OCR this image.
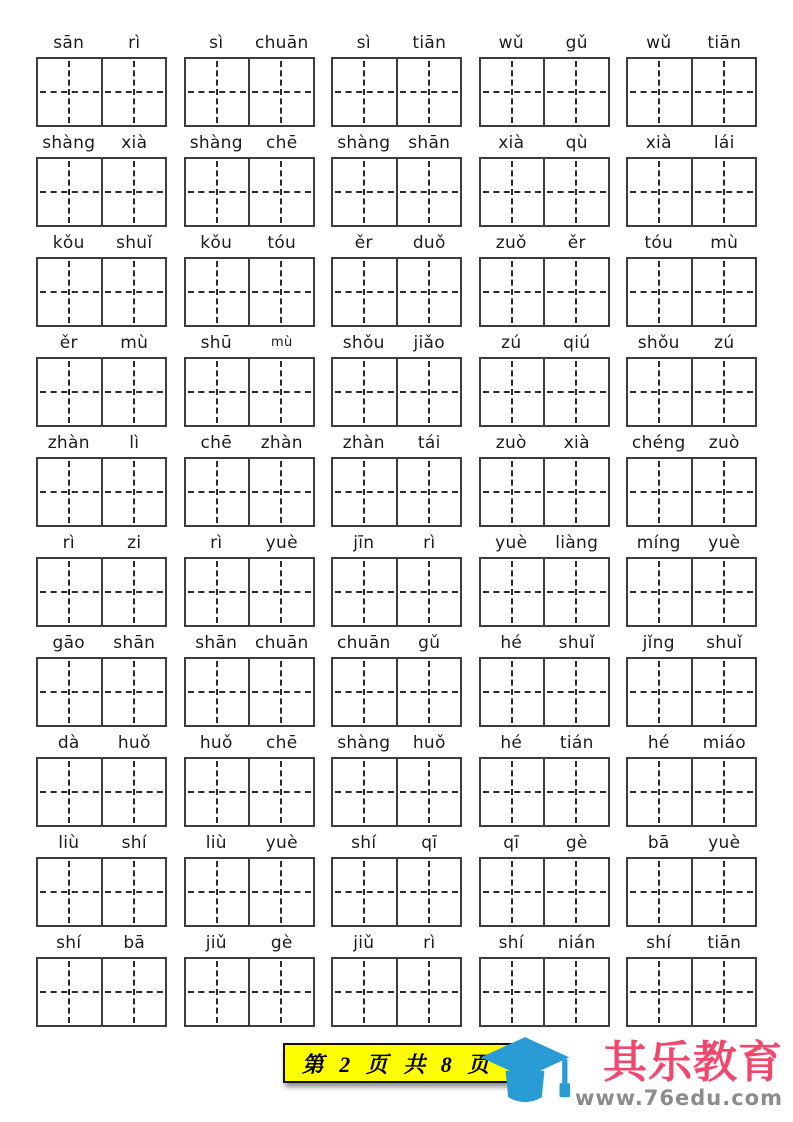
sān	rì	sì	chuān	sì	tiān	wǔ	gǔ	wǔ	tiān
shàng	xià	shàng	chē	shàng	shān	xià	qù	xià	lái
kǒu	shuǐ	kǒu	tóu	ěr	duǒ	zuǒ	ěr	tóu	mù
ěr	mù	shū	mù	shǒu	jiǎo	zú	qiú	shǒu	zú
zhàn	lì	chē	zhàn	zhàn	tái	zuò	xià	chéng	zuò
rì	zi	rì	yuè	jīn	rì	yuè	liàng	míng	yuè
gāo	shān	shān	chuān	chuān	gǔ	hé	shuǐ	jǐng	shuǐ
dà	huǒ	huǒ	chē	shàng	huǒ	hé	tián	hé	miáo
liù	shí	liù	yuè	shí	qī	qī	gè	bā	yuè
shí	bā	jiǔ	gè	jiǔ	rì	shí	nián	shí	tiān
第 2 页 共 8 页 其乐教育
www.76edu.com
